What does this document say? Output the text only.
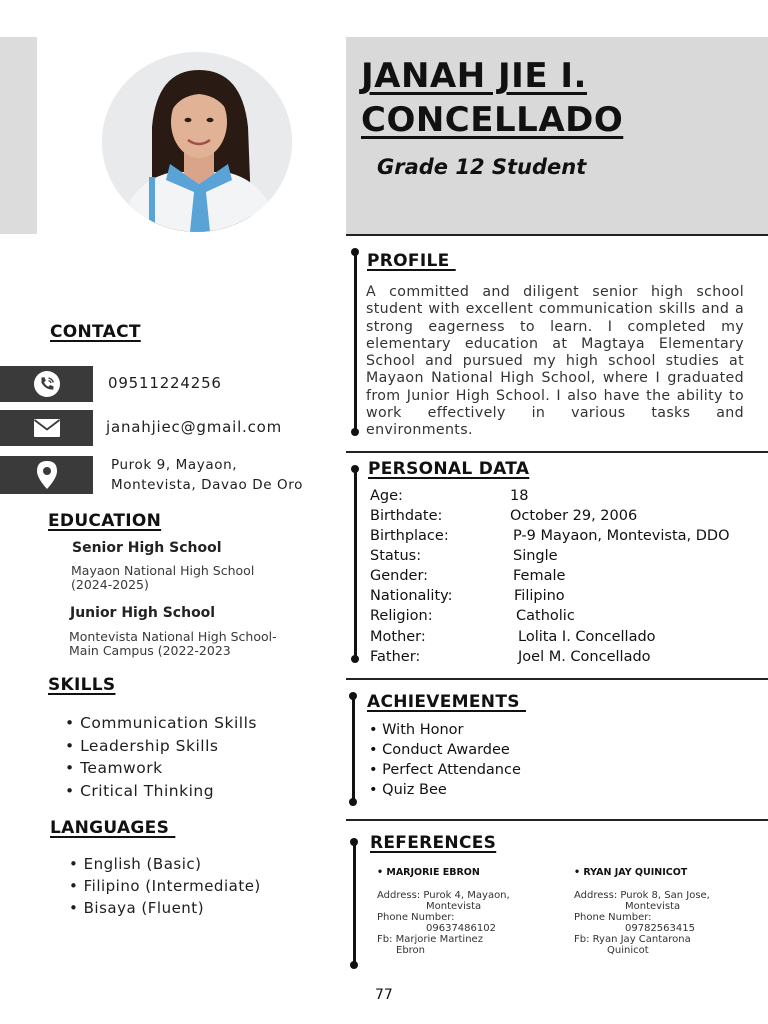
JANAH JIE I.
CONCELLADO
Grade 12 Student
CONTACT
09511224256
janahjiec@gmail.com
Purok 9, Mayaon,
Montevista, Davao De Oro
EDUCATION
Senior High School
Mayaon National High School
(2024-2025)
Junior High School
Montevista National High School-
Main Campus (2022-2023
SKILLS
• Communication Skills
• Leadership Skills
• Teamwork
• Critical Thinking
LANGUAGES
• English (Basic)
• Filipino (Intermediate)
• Bisaya (Fluent)
PROFILE
A committed and diligent senior high school student with excellent communication skills and a strong eagerness to learn. I completed my elementary education at Magtaya Elementary School and pursued my high school studies at Mayaon National High School, where I graduated from Junior High School. I also have the ability to work effectively in various tasks and environments.
PERSONAL DATA
Age:	18
Birthdate:	October 29, 2006
Birthplace:	P-9 Mayaon, Montevista, DDO
Status:	Single
Gender:	Female
Nationality:	Filipino
Religion:	Catholic
Mother:	Lolita I. Concellado
Father:	Joel M. Concellado
ACHIEVEMENTS
• With Honor
• Conduct Awardee
• Perfect Attendance
• Quiz Bee
REFERENCES
• MARJORIE EBRON
Address: Purok 4, Mayaon,
Montevista
Phone Number:
09637486102
Fb: Marjorie Martinez
Ebron
• RYAN JAY QUINICOT
Address: Purok 8, San Jose,
Montevista
Phone Number:
09782563415
Fb: Ryan Jay Cantarona
Quinicot
77
